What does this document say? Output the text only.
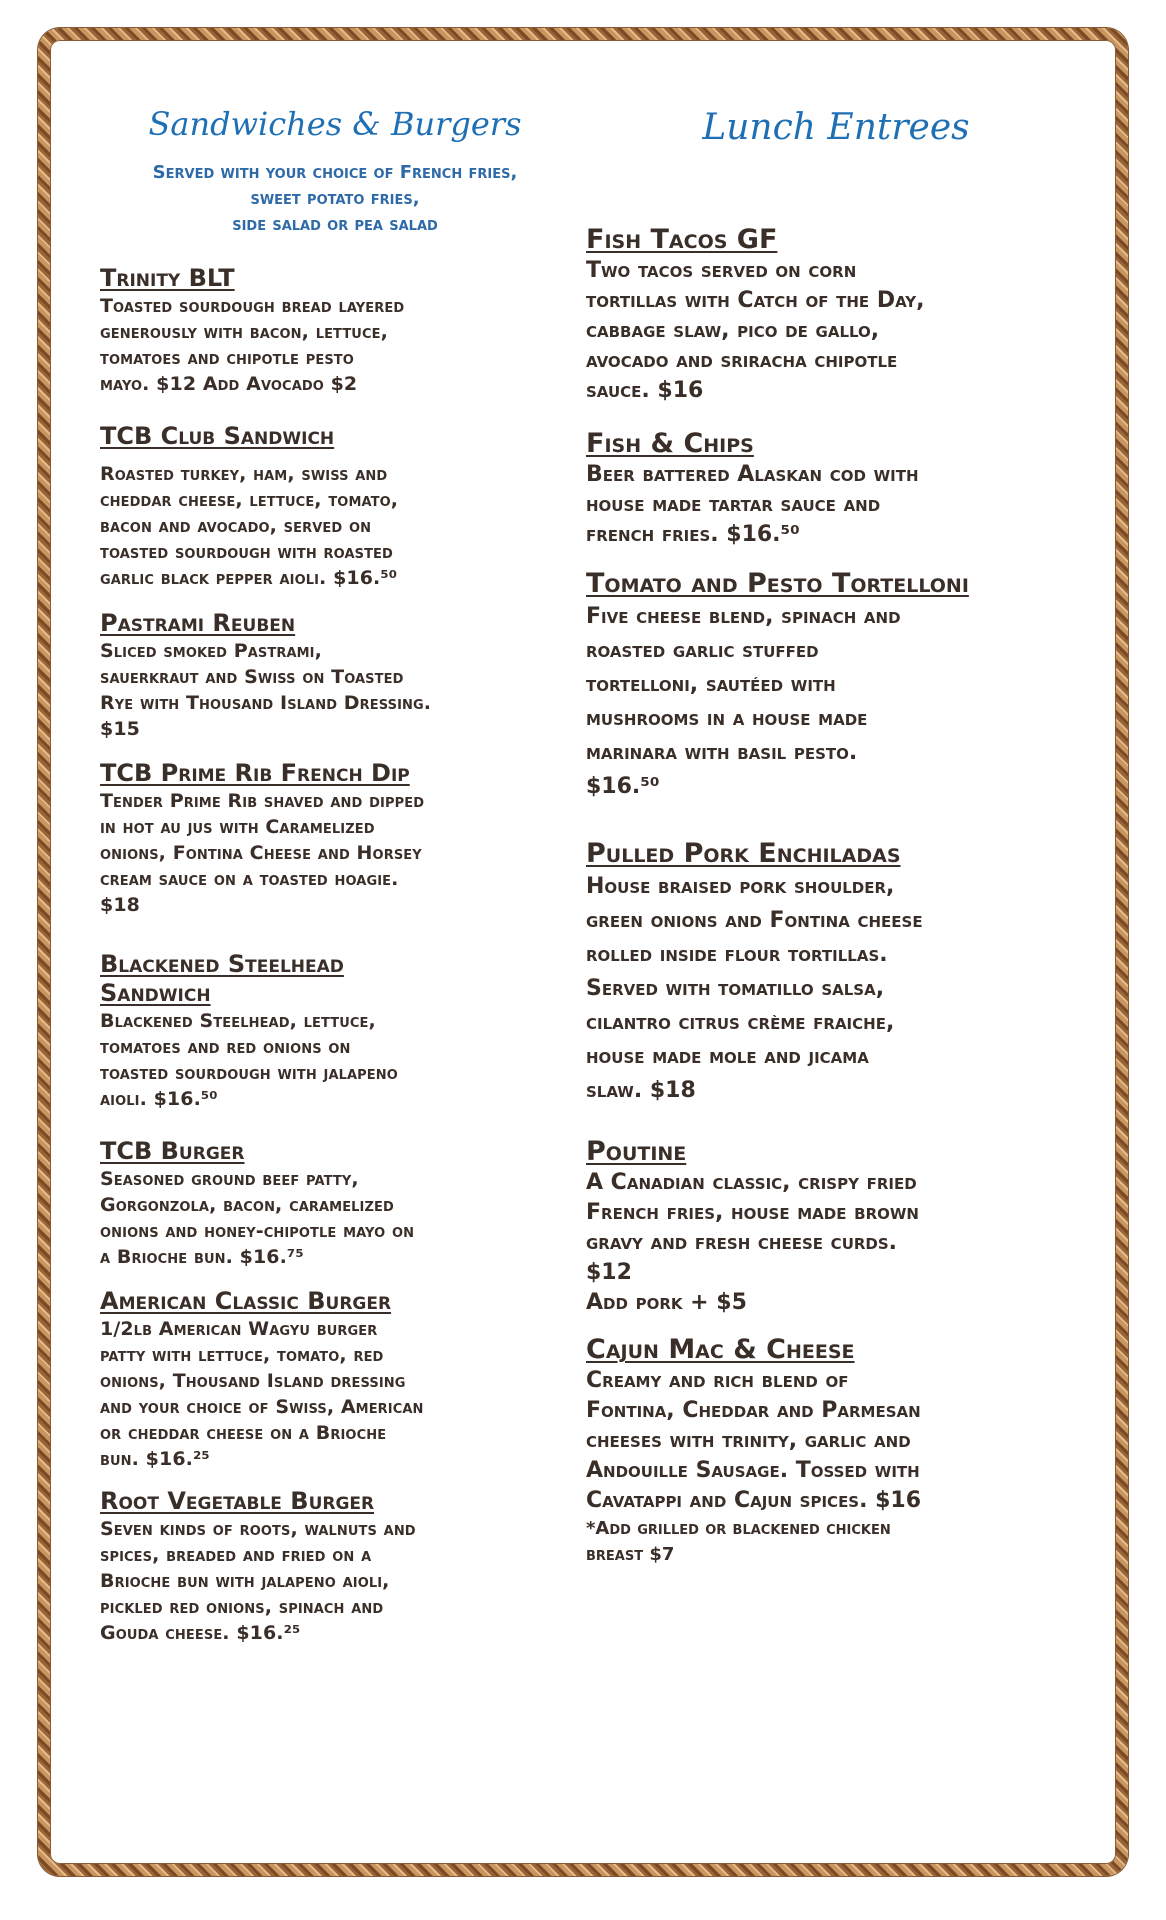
Sandwiches & Burgers
Served with your choice of French fries,
sweet potato fries,
side salad or pea salad
Trinity BLT
Toasted sourdough bread layered
generously with bacon, lettuce,
tomatoes and chipotle pesto
mayo. $12 Add Avocado $2
TCB Club Sandwich
Roasted turkey, ham, swiss and
cheddar cheese, lettuce, tomato,
bacon and avocado, served on
toasted sourdough with roasted
garlic black pepper aioli. $16.⁵⁰
Pastrami Reuben
Sliced smoked Pastrami,
sauerkraut and Swiss on Toasted
Rye with Thousand Island Dressing.
$15
TCB Prime Rib French Dip
Tender Prime Rib shaved and dipped
in hot au jus with Caramelized
onions, Fontina Cheese and Horsey
cream sauce on a toasted hoagie.
$18
Blackened Steelhead
Sandwich
Blackened Steelhead, lettuce,
tomatoes and red onions on
toasted sourdough with jalapeno
aioli. $16.⁵⁰
TCB Burger
Seasoned ground beef patty,
Gorgonzola, bacon, caramelized
onions and honey-chipotle mayo on
a Brioche bun. $16.⁷⁵
American Classic Burger
1/2lb American Wagyu burger
patty with lettuce, tomato, red
onions, Thousand Island dressing
and your choice of Swiss, American
or cheddar cheese on a Brioche
bun. $16.²⁵
Root Vegetable Burger
Seven kinds of roots, walnuts and
spices, breaded and fried on a
Brioche bun with jalapeno aioli,
pickled red onions, spinach and
Gouda cheese. $16.²⁵
Lunch Entrees
Fish Tacos GF
Two tacos served on corn
tortillas with Catch of the Day,
cabbage slaw, pico de gallo,
avocado and sriracha chipotle
sauce. $16
Fish & Chips
Beer battered Alaskan cod with
house made tartar sauce and
french fries. $16.⁵⁰
Tomato and Pesto Tortelloni
Five cheese blend, spinach and
roasted garlic stuffed
tortelloni, sautéed with
mushrooms in a house made
marinara with basil pesto.
$16.⁵⁰
Pulled Pork Enchiladas
House braised pork shoulder,
green onions and Fontina cheese
rolled inside flour tortillas.
Served with tomatillo salsa,
cilantro citrus crème fraiche,
house made mole and jicama
slaw. $18
Poutine
A Canadian classic, crispy fried
French fries, house made brown
gravy and fresh cheese curds.
$12
Add pork + $5
Cajun Mac & Cheese
Creamy and rich blend of
Fontina, Cheddar and Parmesan
cheeses with trinity, garlic and
Andouille Sausage. Tossed with
Cavatappi and Cajun spices. $16
*Add grilled or blackened chicken
breast $7
